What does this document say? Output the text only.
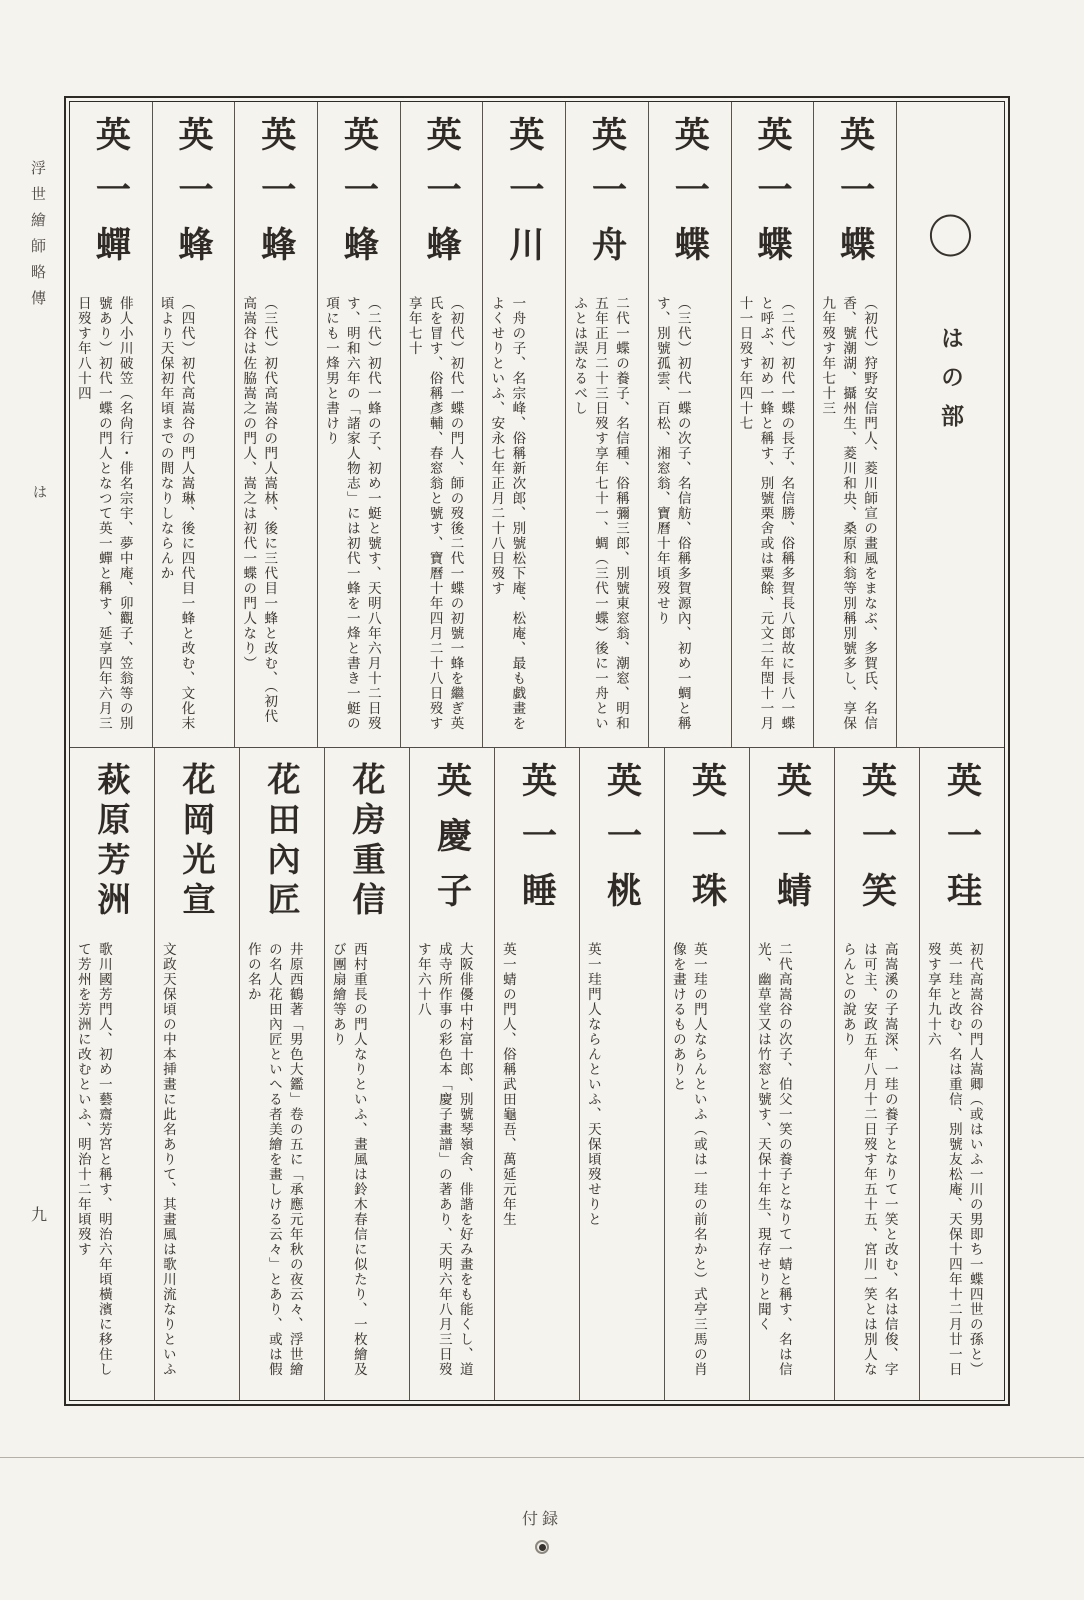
浮世繪師略傳
は
九
〇
はの部
英一蝶
（初代）狩野安信門人、菱川師宣の畫風をまなぶ、多賀氏、名信香、號潮湖、攝州生、菱川和央、桑原和翁等別稱別號多し、享保九年歿す年七十三
英一蝶
（二代）初代一蝶の長子、名信勝、俗稱多賀長八郎故に長八一蝶と呼ぶ、初め一蜂と稱す、別號栗舍或は粟餘、元文二年閏十一月十一日歿す年四十七
英一蝶
（三代）初代一蝶の次子、名信舫、俗稱多賀源內、初め一蜩と稱す、別號孤雲、百松、湘窓翁、寶曆十年頃歿せり
英一舟
二代一蝶の養子、名信種、俗稱彌三郎、別號東窓翁、潮窓、明和五年正月二十三日歿す享年七十一、蜩（三代一蝶）後に一舟といふとは誤なるべし
英一川
一舟の子、名宗峰、俗稱新次郎、別號松下庵、松庵、最も戯畫をよくせりといふ、安永七年正月二十八日歿す
英一蜂
（初代）初代一蝶の門人、師の歿後二代一蝶の初號一蜂を繼ぎ英氏を冒す、俗稱彥輔、春窓翁と號す、寶曆十年四月二十八日歿す享年七十
英一蜂
（二代）初代一蜂の子、初め一蜓と號す、天明八年六月十二日歿す、明和六年の「諸家人物志」には初代一蜂を一烽と書き一蜓の項にも一烽男と書けり
英一蜂
（三代）初代高嵩谷の門人嵩林、後に三代目一蜂と改む、（初代高嵩谷は佐脇嵩之の門人、嵩之は初代一蝶の門人なり）
英一蜂
（四代）初代高嵩谷の門人嵩琳、後に四代目一蜂と改む、文化末頃より天保初年頃までの間なりしならんか
英一蟬
俳人小川破笠（名尙行・俳名宗宇、夢中庵、卯觀子、笠翁等の別號あり）初代一蝶の門人となつて英一蟬と稱す、延享四年六月三日歿す年八十四
英一珪
初代高嵩谷の門人嵩卿（或はいふ一川の男即ち一蝶四世の孫と）英一珪と改む、名は重信、別號友松庵、天保十四年十二月廿一日歿す享年九十六
英一笑
高嵩溪の子嵩深、一珪の養子となりて一笑と改む、名は信俊、字は可主、安政五年八月十二日歿す年五十五、宮川一笑とは別人ならんとの說あり
英一蜻
二代高嵩谷の次子、伯父一笑の養子となりて一蜻と稱す、名は信光、幽草堂又は竹窓と號す、天保十年生、現存せりと聞く
英一珠
英一珪の門人ならんといふ（或は一珪の前名かと）式亭三馬の肖像を畫けるものありと
英一桃
英一珪門人ならんといふ、天保頃歿せりと
英一睡
英一蜻の門人、俗稱武田龜吾、萬延元年生
英慶子
大阪俳優中村富十郎、別號琴嶺舍、俳諧を好み畫をも能くし、道成寺所作事の彩色本「慶子畫譜」の著あり、天明六年八月三日歿す年六十八
花房重信
西村重長の門人なりといふ、畫風は鈴木春信に似たり、一枚繪及び團扇繪等あり
花田內匠
井原西鶴著「男色大鑑」卷の五に「承應元年秋の夜云々、浮世繪の名人花田內匠といへる者美繪を畫しける云々」とあり、或は假作の名か
花岡光宣
文政天保頃の中本挿畫に此名ありて、其畫風は歌川流なりといふ
萩原芳洲
歌川國芳門人、初め一藝齋芳宮と稱す、明治六年頃橫濱に移住して芳州を芳洲に改むといふ、明治十二年頃歿す
付録
